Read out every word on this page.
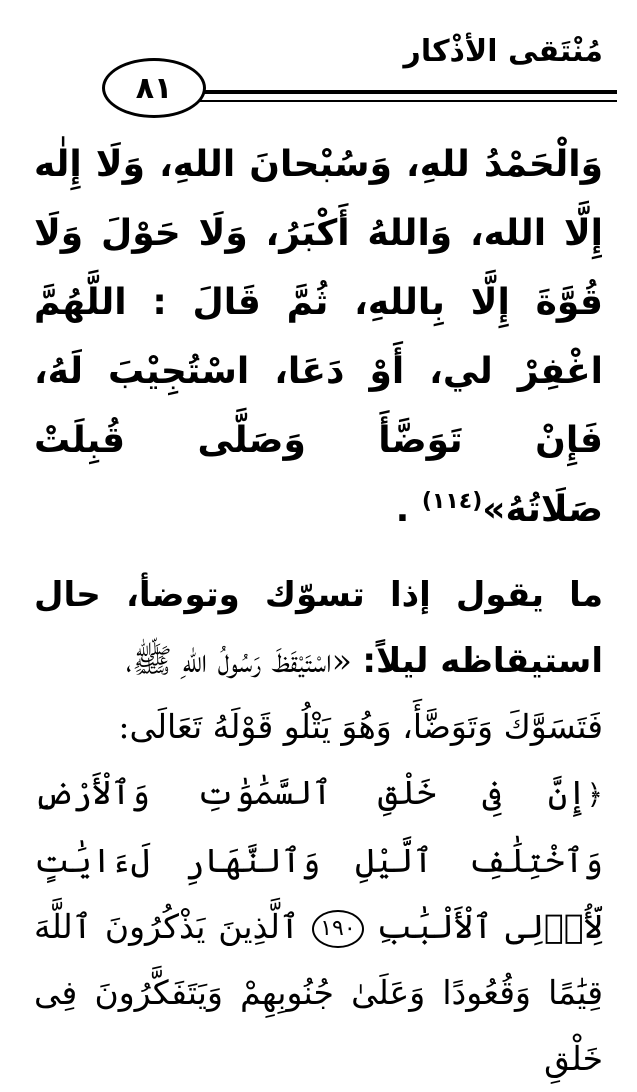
مُنْتَقى الأذْكار
٨١

وَالْحَمْدُ للهِ، وَسُبْحانَ اللهِ، وَلَا إِلٰه إِلَّا الله، وَاللهُ أَكْبَرُ، وَلَا حَوْلَ وَلَا قُوَّةَ إِلَّا بِاللهِ، ثُمَّ قَالَ : اللَّهُمَّ اغْفِرْ لي، أَوْ دَعَا، اسْتُجِيْبَ لَهُ، فَإِنْ تَوَضَّأَ وَصَلَّى قُبِلَتْ صَلَاتُهُ»$^{(١١٤)}$ .

ما يقول إذا تسوّك وتوضأ، حال استيقاظه ليلاً: «اسْتَيْقَظَ رَسُولُ اللّٰهِ ﷺ،

فَتَسَوَّكَ وَتَوَضَّأَ، وَهُوَ يَتْلُو قَوْلَهُ تَعَالَى:

﴿إِنَّ فِى خَلْقِ ٱلسَّمَٰوَٰتِ وَٱلْأَرْضِ وَٱخْتِلَٰفِ ٱلَّيْلِ وَٱلنَّهَارِ لَءَايَٰتٍ لِّأُو۟لِى ٱلْأَلْبَٰبِ ١٩٠ ٱلَّذِينَ يَذْكُرُونَ ٱللَّهَ قِيَٰمًا وَقُعُودًا وَعَلَىٰ جُنُوبِهِمْ وَيَتَفَكَّرُونَ فِى خَلْقِ
